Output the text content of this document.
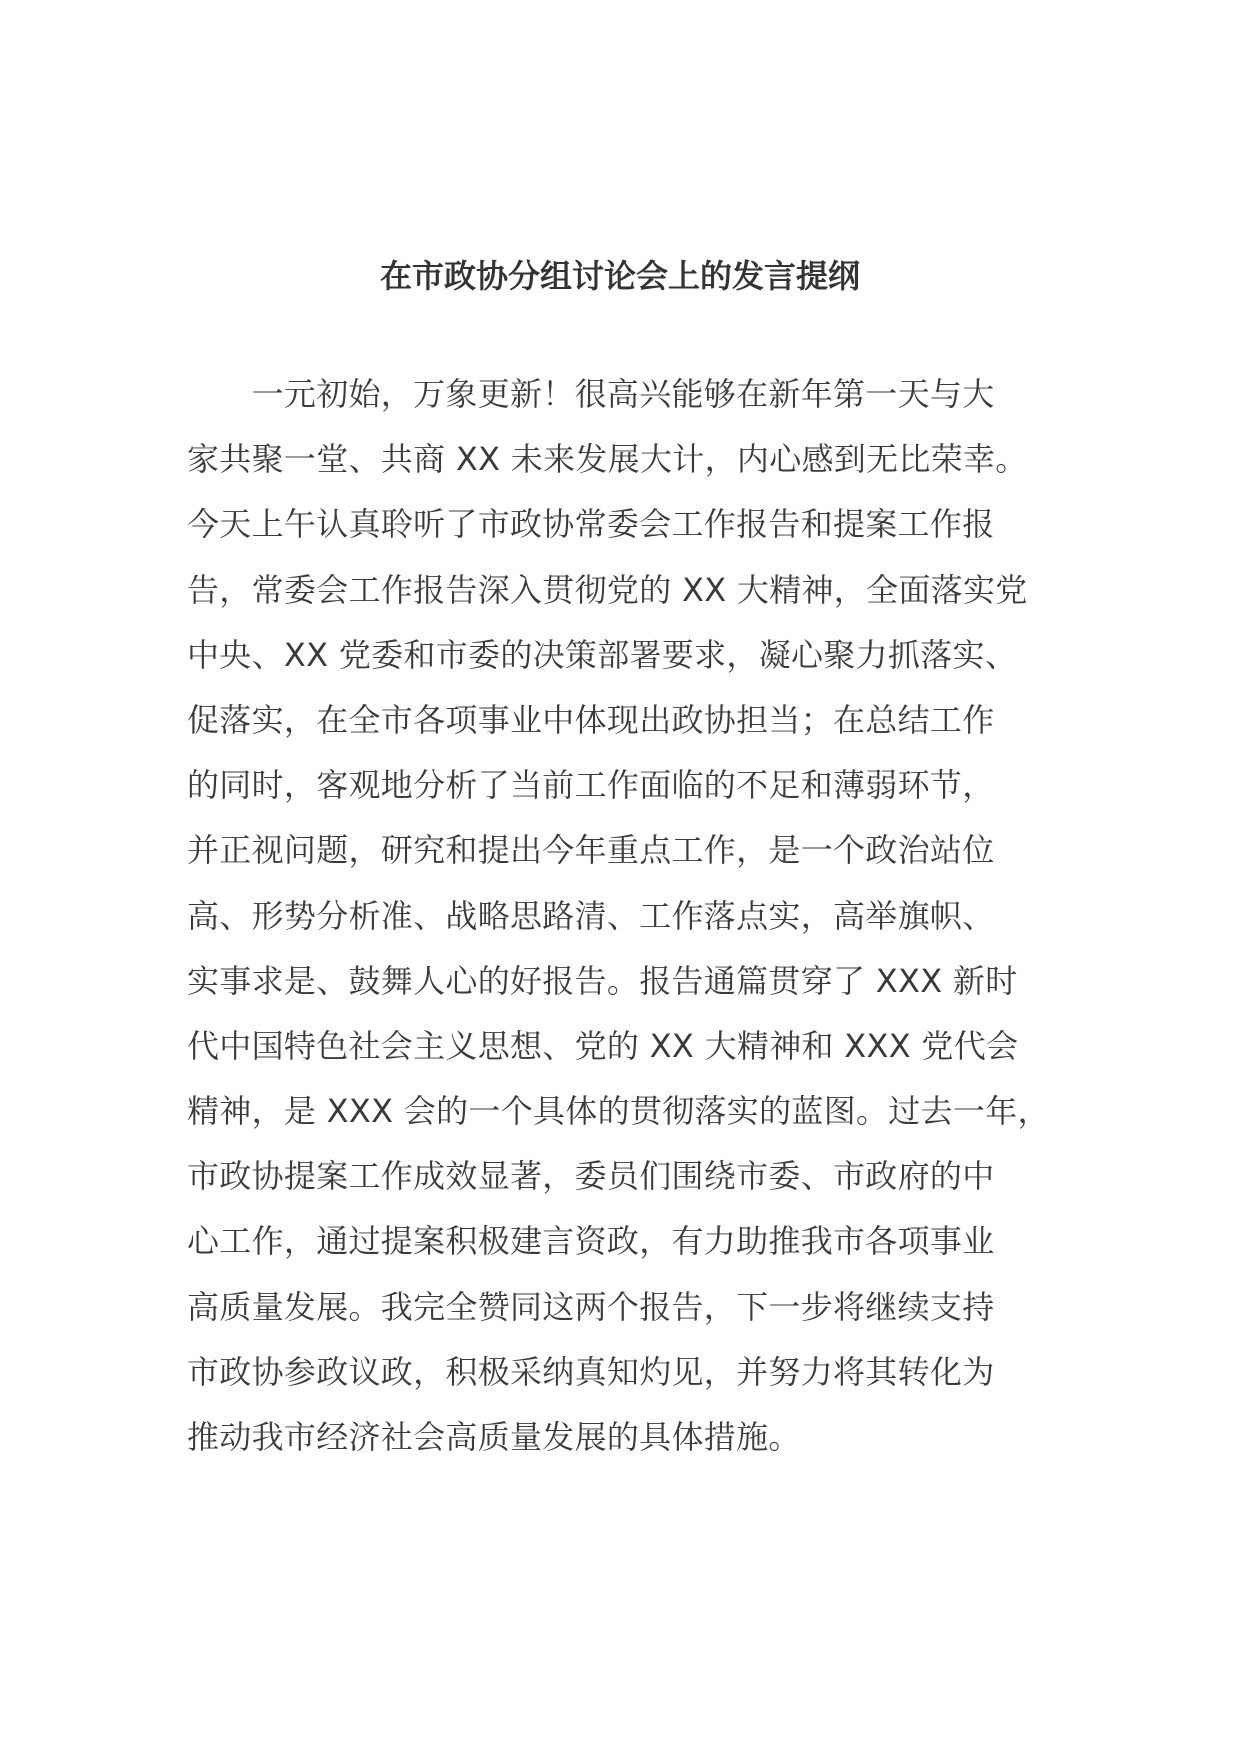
在市政协分组讨论会上的发言提纲
　　一元初始，万象更新！很高兴能够在新年第一天与大
家共聚一堂、共商 XX 未来发展大计，内心感到无比荣幸。
今天上午认真聆听了市政协常委会工作报告和提案工作报
告，常委会工作报告深入贯彻党的 XX 大精神，全面落实党
中央、XX 党委和市委的决策部署要求，凝心聚力抓落实、
促落实，在全市各项事业中体现出政协担当；在总结工作
的同时，客观地分析了当前工作面临的不足和薄弱环节，
并正视问题，研究和提出今年重点工作，是一个政治站位
高、形势分析准、战略思路清、工作落点实，高举旗帜、
实事求是、鼓舞人心的好报告。报告通篇贯穿了 XXX 新时
代中国特色社会主义思想、党的 XX 大精神和 XXX 党代会
精神，是 XXX 会的一个具体的贯彻落实的蓝图。过去一年，
市政协提案工作成效显著，委员们围绕市委、市政府的中
心工作，通过提案积极建言资政，有力助推我市各项事业
高质量发展。我完全赞同这两个报告，下一步将继续支持
市政协参政议政，积极采纳真知灼见，并努力将其转化为
推动我市经济社会高质量发展的具体措施。
